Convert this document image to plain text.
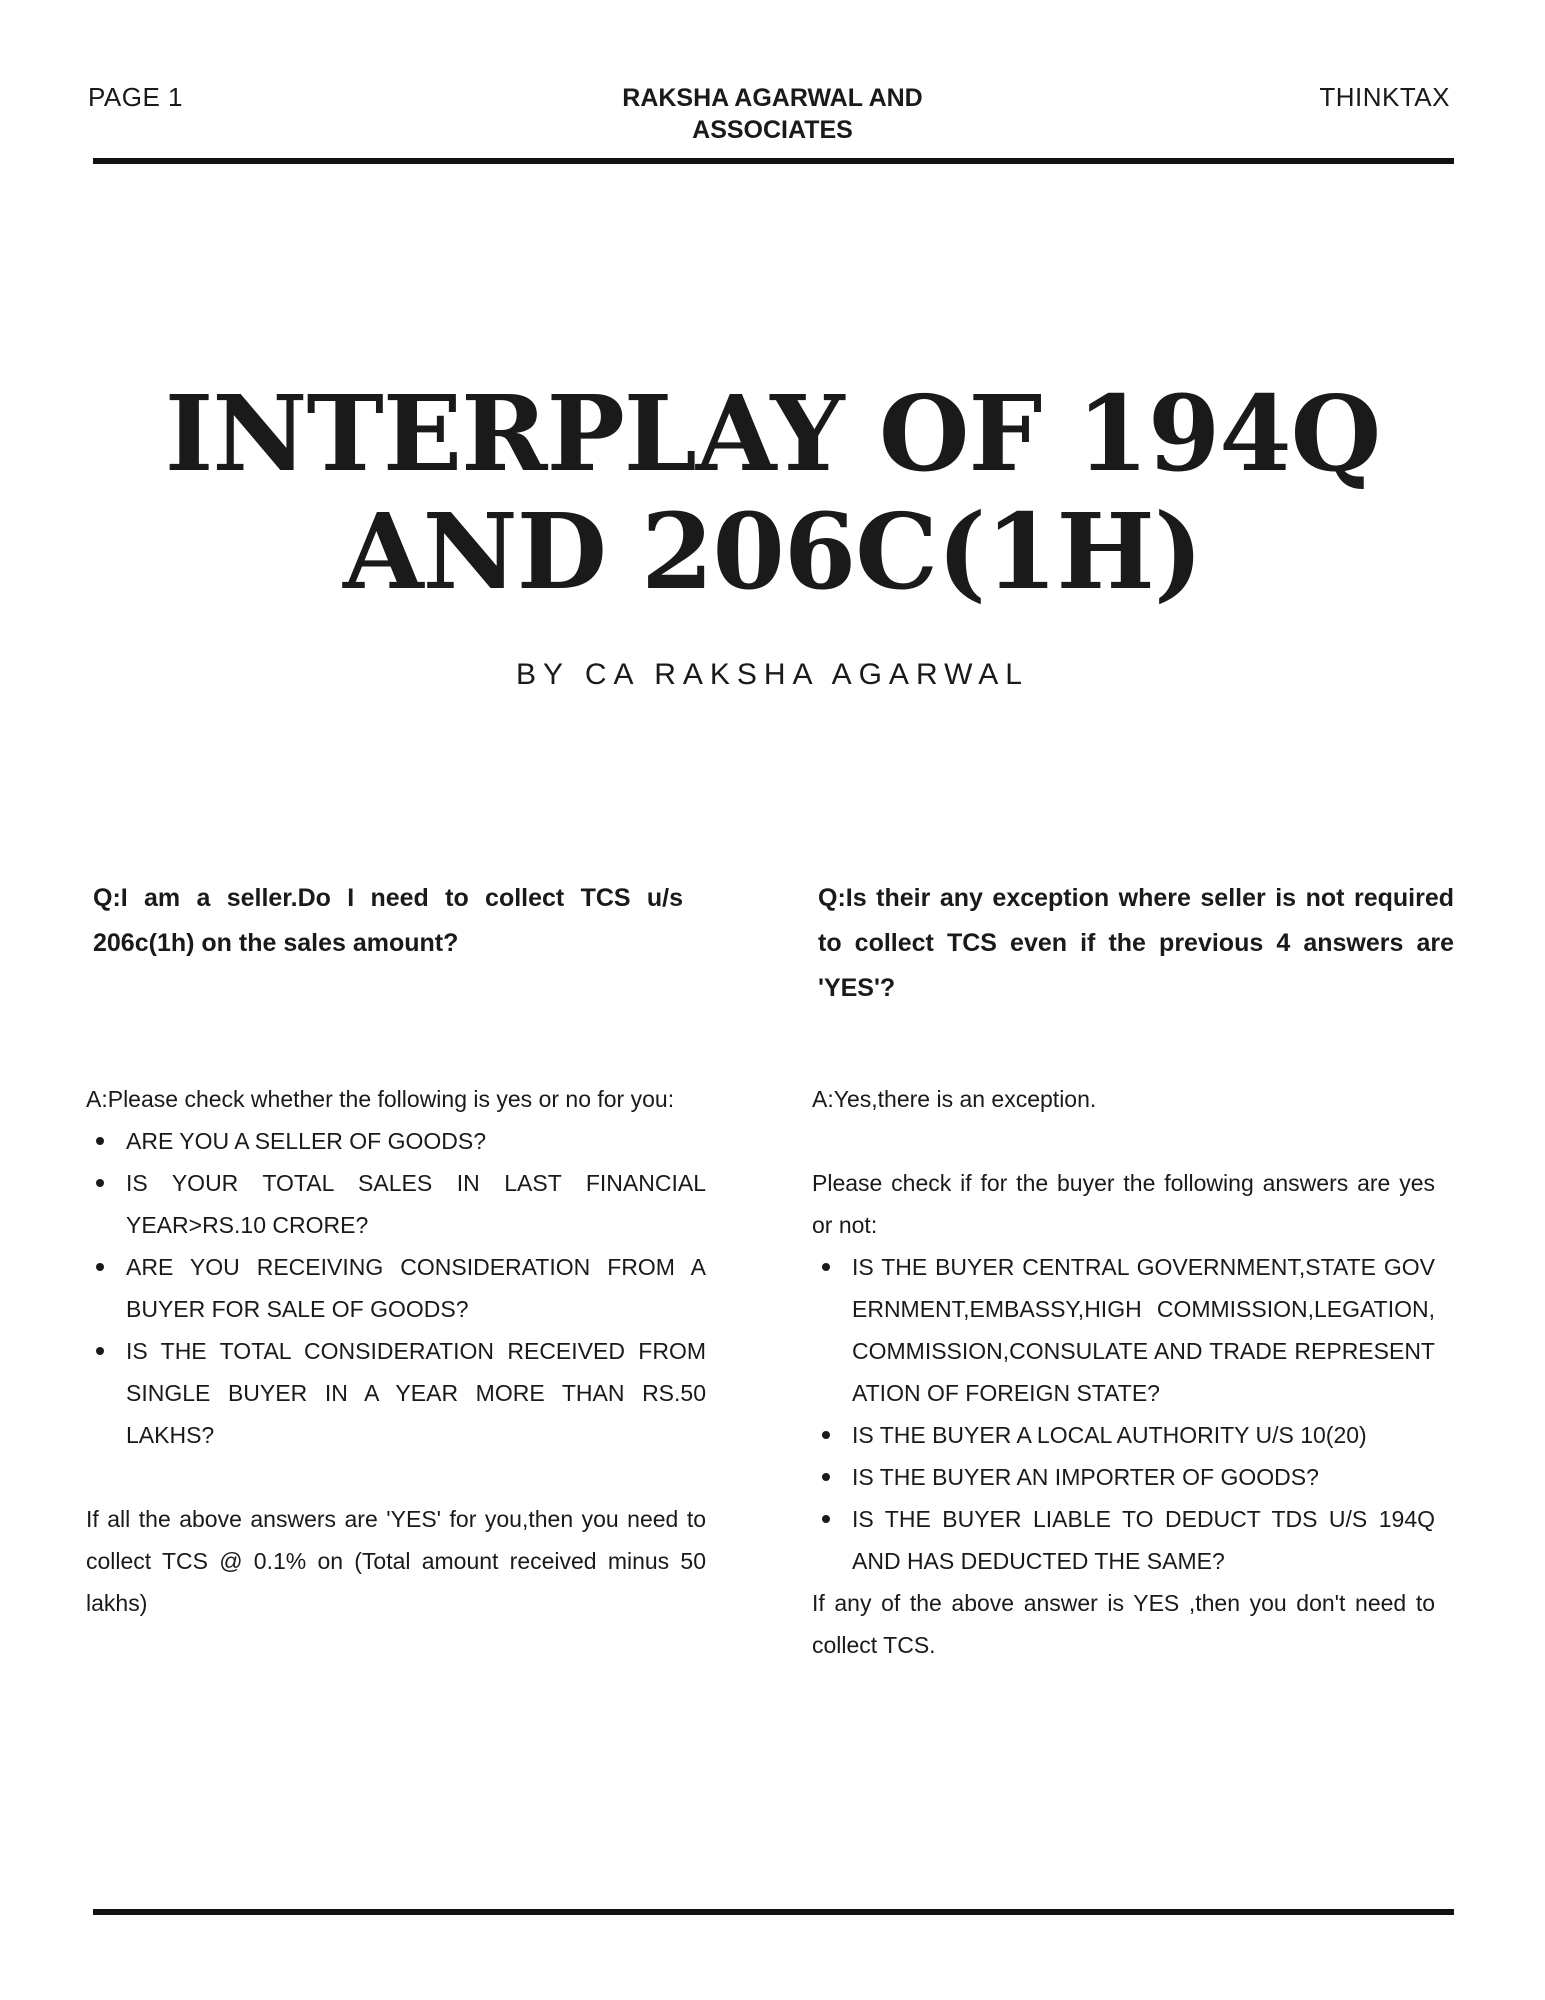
PAGE 1	RAKSHA AGARWAL AND
ASSOCIATES
THINKTAX
INTERPLAY OF 194Q
AND 206C(1H)
BY CA RAKSHA AGARWAL
Q:I am a seller.Do I need to collect TCS u/s 206c(1h) on the sales amount?

A:Please check whether the following is yes or no for you:

ARE YOU A SELLER OF GOODS?
IS YOUR TOTAL SALES IN LAST FINANCIAL YEAR>RS.10 CRORE?
ARE YOU RECEIVING CONSIDERATION FROM A BUYER FOR SALE OF GOODS?
IS THE TOTAL CONSIDERATION RECEIVED FROM SINGLE BUYER IN A YEAR MORE THAN RS.50 LAKHS?

If all the above answers are 'YES' for you,then you need to collect TCS @ 0.1% on (Total amount received minus 50 lakhs)

Q:Is their any exception where seller is not required to collect TCS even if the previous 4 answers are 'YES'?

A:Yes,there is an exception.

Please check if for the buyer the following answers are yes or not:

IS THE BUYER CENTRAL GOVERNMENT,STATE GOVERNMENT,EMBASSY,HIGH COMMISSION,LEGATION,COMMISSION,CONSULATE AND TRADE REPRESENTATION OF FOREIGN STATE?
IS THE BUYER A LOCAL AUTHORITY U/S 10(20)
IS THE BUYER AN IMPORTER OF GOODS?
IS THE BUYER LIABLE TO DEDUCT TDS U/S 194Q AND HAS DEDUCTED THE SAME?

If any of the above answer is YES ,then you don't need to collect TCS.
